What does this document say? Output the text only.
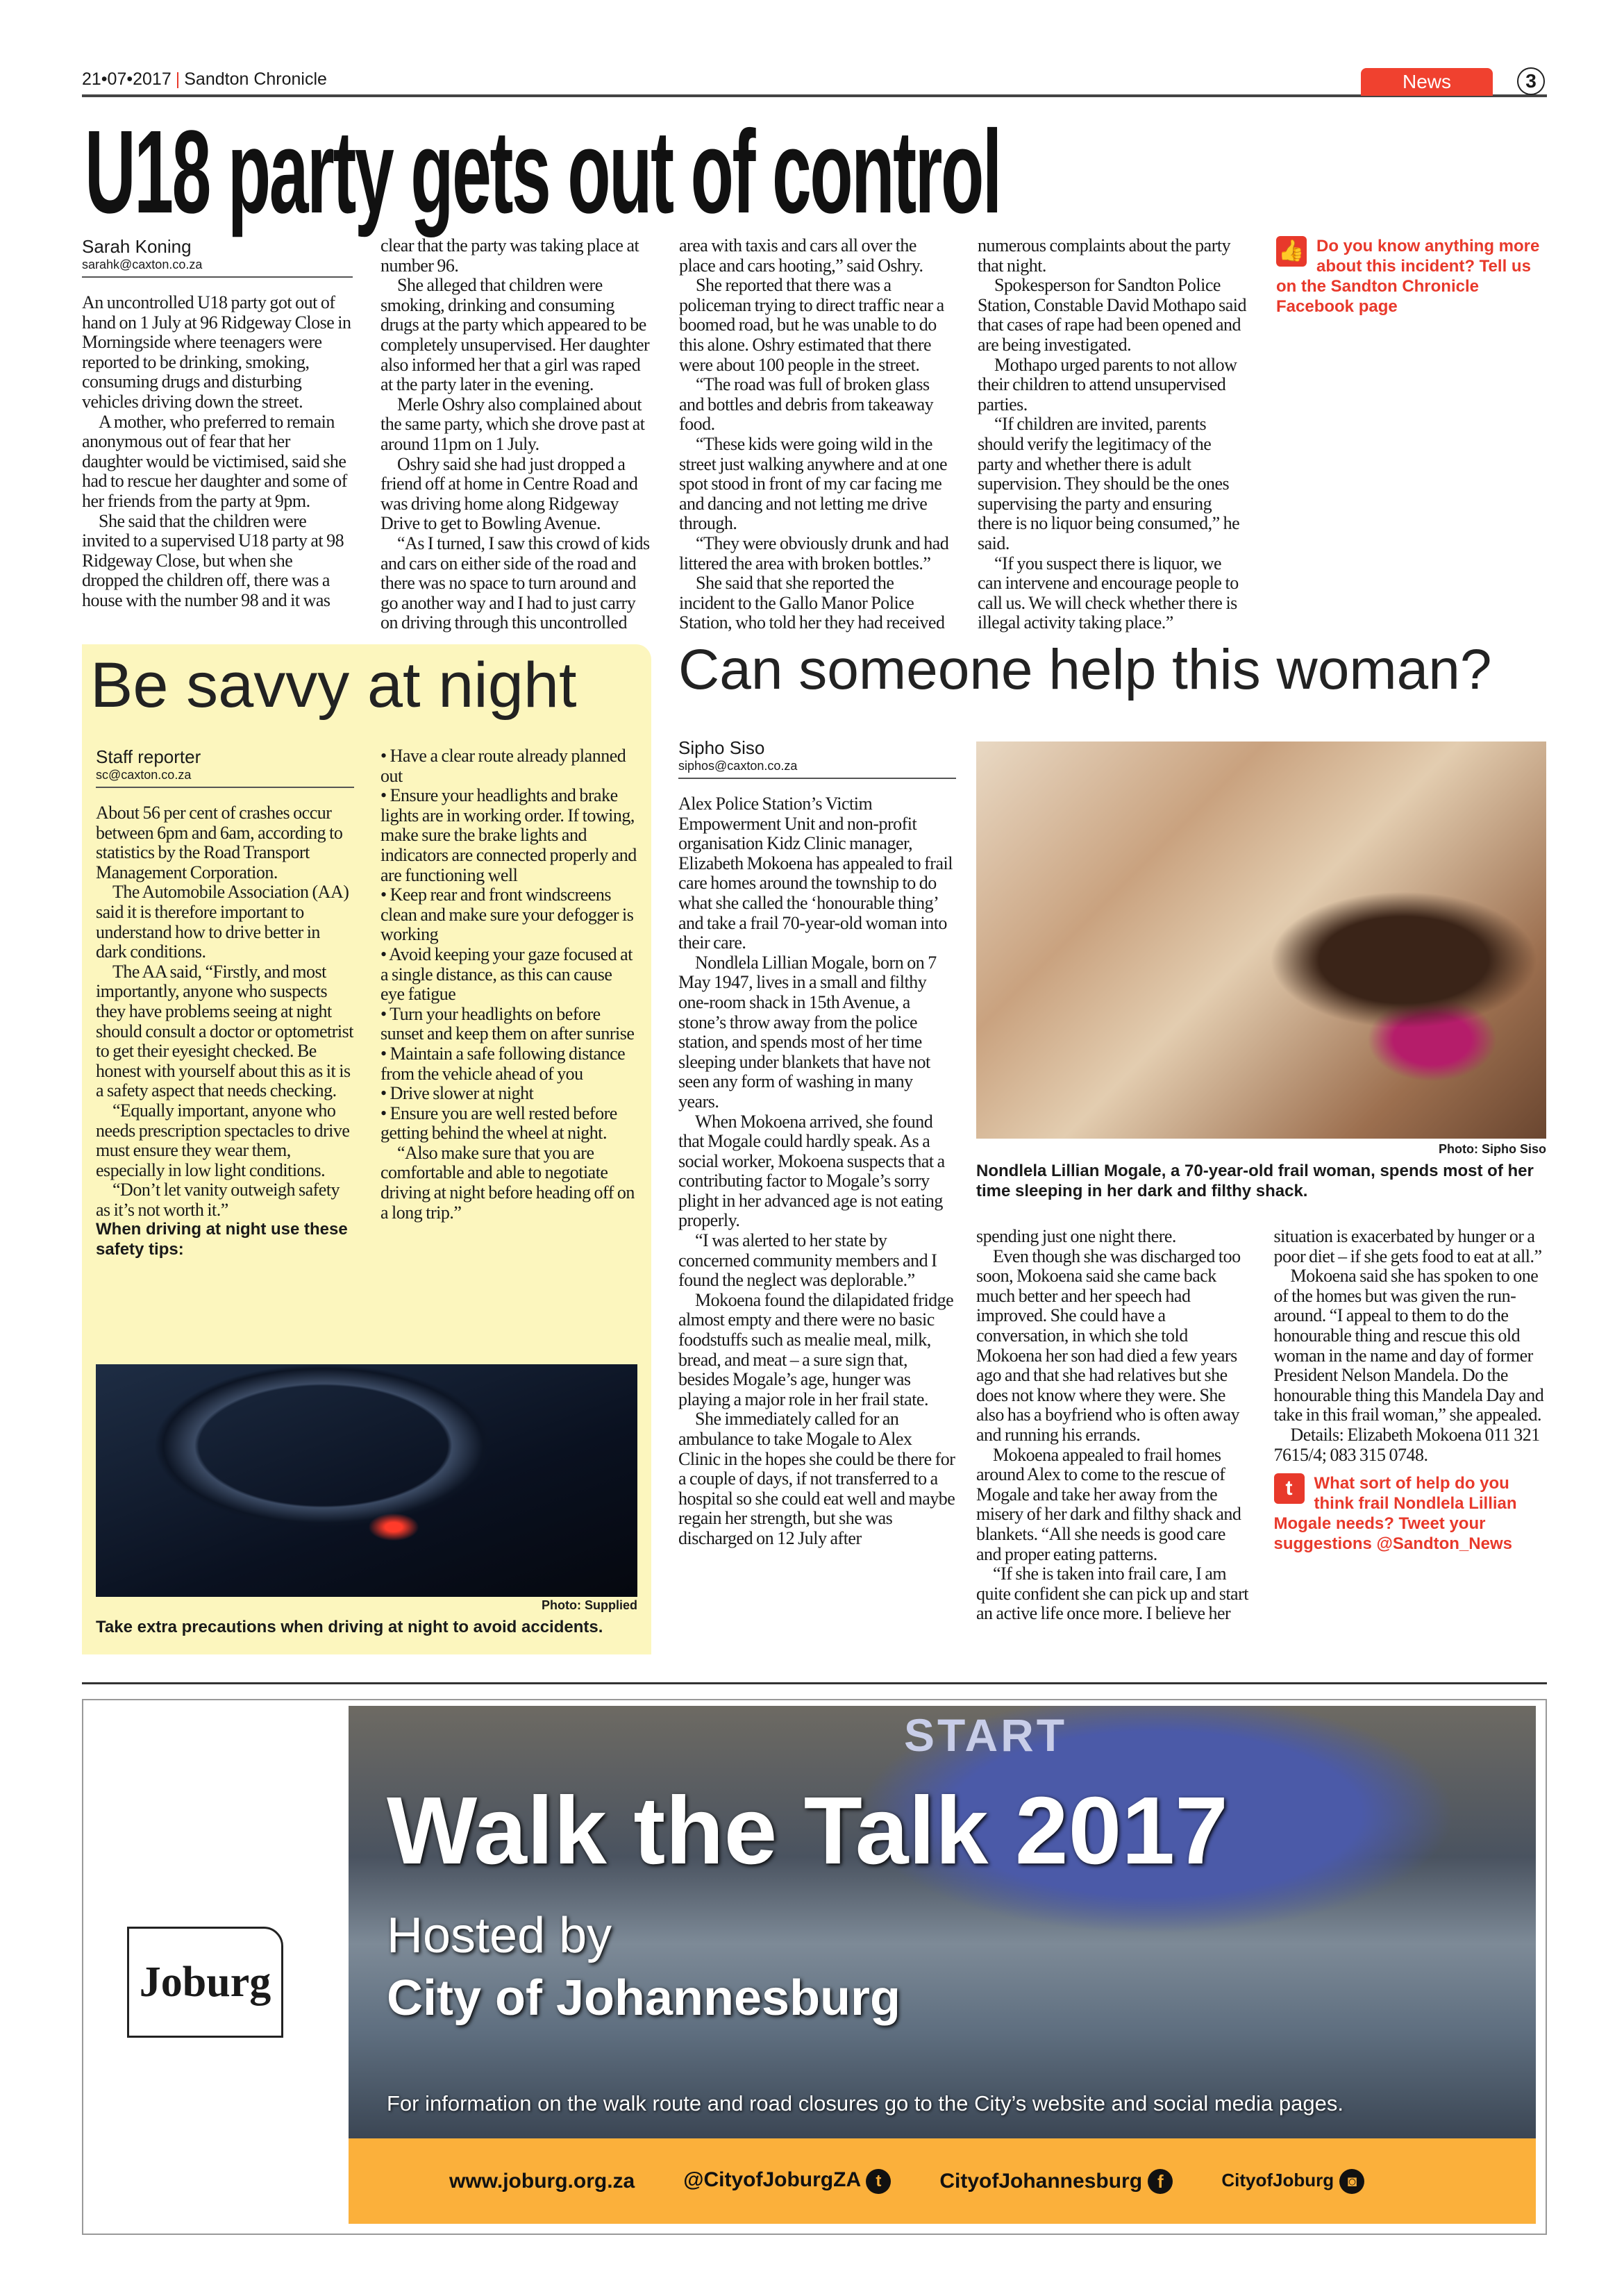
21•07•2017 | Sandton Chronicle	News	3
U18 party gets out of control
Sarah Koning
sarahk@caxton.co.za

An uncontrolled U18 party got out of hand on 1 July at 96 Ridgeway Close in Morningside where teenagers were reported to be drinking, smoking, consuming drugs and disturbing vehicles driving down the street.

A mother, who preferred to remain anonymous out of fear that her daughter would be victimised, said she had to rescue her daughter and some of her friends from the party at 9pm.

She said that the children were invited to a supervised U18 party at 98 Ridgeway Close, but when she dropped the children off, there was a house with the number 98 and it was clear that the party was taking place at number 96.

She alleged that children were smoking, drinking and consuming drugs at the party which appeared to be completely unsupervised. Her daughter also informed her that a girl was raped at the party later in the evening.

Merle Oshry also complained about the same party, which she drove past at around 11pm on 1 July.

Oshry said she had just dropped a friend off at home in Centre Road and was driving home along Ridgeway Drive to get to Bowling Avenue.

“As I turned, I saw this crowd of kids and cars on either side of the road and there was no space to turn around and go another way and I had to just carry on driving through this uncontrolled area with taxis and cars all over the place and cars hooting,” said Oshry.

She reported that there was a policeman trying to direct traffic near a boomed road, but he was unable to do this alone. Oshry estimated that there were about 100 people in the street.

“The road was full of broken glass and bottles and debris from takeaway food.

“These kids were going wild in the street just walking anywhere and at one spot stood in front of my car facing me and dancing and not letting me drive through.

“They were obviously drunk and had littered the area with broken bottles.”

She said that she reported the incident to the Gallo Manor Police Station, who told her they had received numerous complaints about the party that night.

Spokesperson for Sandton Police Station, Constable David Mothapo said that cases of rape had been opened and are being investigated.

Mothapo urged parents to not allow their children to attend unsupervised parties.

“If children are invited, parents should verify the legitimacy of the party and whether there is adult supervision. They should be the ones supervising the party and ensuring there is no liquor being consumed,” he said.

“If you suspect there is liquor, we can intervene and encourage people to call us. We will check whether there is illegal activity taking place.”

👍 Do you know anything more about this incident? Tell us on the Sandton Chronicle Facebook page
Be savvy at night
Staff reporter
sc@caxton.co.za

About 56 per cent of crashes occur between 6pm and 6am, according to statistics by the Road Transport Management Corporation.

The Automobile Association (AA) said it is therefore important to understand how to drive better in dark conditions.

The AA said, “Firstly, and most importantly, anyone who suspects they have problems seeing at night should consult a doctor or optometrist to get their eyesight checked. Be honest with yourself about this as it is a safety aspect that needs checking.

“Equally important, anyone who needs prescription spectacles to drive must ensure they wear them, especially in low light conditions.

“Don’t let vanity outweigh safety as it’s not worth it.”

When driving at night use these safety tips:

• Have a clear route already planned out
• Ensure your headlights and brake lights are in working order. If towing, make sure the brake lights and indicators are connected properly and are functioning well
• Keep rear and front windscreens clean and make sure your defogger is working
• Avoid keeping your gaze focused at a single distance, as this can cause eye fatigue
• Turn your headlights on before sunset and keep them on after sunrise
• Maintain a safe following distance from the vehicle ahead of you
• Drive slower at night
• Ensure you are well rested before getting behind the wheel at night.

“Also make sure that you are comfortable and able to negotiate driving at night before heading off on a long trip.”

Photo: Supplied
Take extra precautions when driving at night to avoid accidents.
Can someone help this woman?
Sipho Siso
siphos@caxton.co.za

Alex Police Station’s Victim Empowerment Unit and non-profit organisation Kidz Clinic manager, Elizabeth Mokoena has appealed to frail care homes around the township to do what she called the ‘honourable thing’ and take a frail 70-year-old woman into their care.

Nondlela Lillian Mogale, born on 7 May 1947, lives in a small and filthy one-room shack in 15th Avenue, a stone’s throw away from the police station, and spends most of her time sleeping under blankets that have not seen any form of washing in many years.

When Mokoena arrived, she found that Mogale could hardly speak. As a social worker, Mokoena suspects that a contributing factor to Mogale’s sorry plight in her advanced age is not eating properly.

“I was alerted to her state by concerned community members and I found the neglect was deplorable.”

Mokoena found the dilapidated fridge almost empty and there were no basic foodstuffs such as mealie meal, milk, bread, and meat – a sure sign that, besides Mogale’s age, hunger was playing a major role in her frail state.

She immediately called for an ambulance to take Mogale to Alex Clinic in the hopes she could be there for a couple of days, if not transferred to a hospital so she could eat well and maybe regain her strength, but she was discharged on 12 July after

Photo: Sipho Siso
Nondlela Lillian Mogale, a 70-year-old frail woman, spends most of her time sleeping in her dark and filthy shack.

spending just one night there.

Even though she was discharged too soon, Mokoena said she came back much better and her speech had improved. She could have a conversation, in which she told Mokoena her son had died a few years ago and that she had relatives but she does not know where they were. She also has a boyfriend who is often away and running his errands.

Mokoena appealed to frail homes around Alex to come to the rescue of Mogale and take her away from the misery of her dark and filthy shack and blankets. “All she needs is good care and proper eating patterns.

“If she is taken into frail care, I am quite confident she can pick up and start an active life once more. I believe her situation is exacerbated by hunger or a poor diet – if she gets food to eat at all.”

Mokoena said she has spoken to one of the homes but was given the run-around. “I appeal to them to do the honourable thing and rescue this old woman in the name and day of former President Nelson Mandela. Do the honourable thing this Mandela Day and take in this frail woman,” she appealed.

Details: Elizabeth Mokoena 011 321 7615/4; 083 315 0748.

t	What sort of help do you think frail Nondlela Lillian Mogale needs? Tweet your suggestions @Sandton_News
Joburg
START
Walk the Talk 2017
Hosted by
City of Johannesburg
For information on the walk route and road closures go to the City’s website and social media pages.
www.joburg.org.za @CityofJoburgZA t	CityofJohannesburg f	CityofJoburg ◙
